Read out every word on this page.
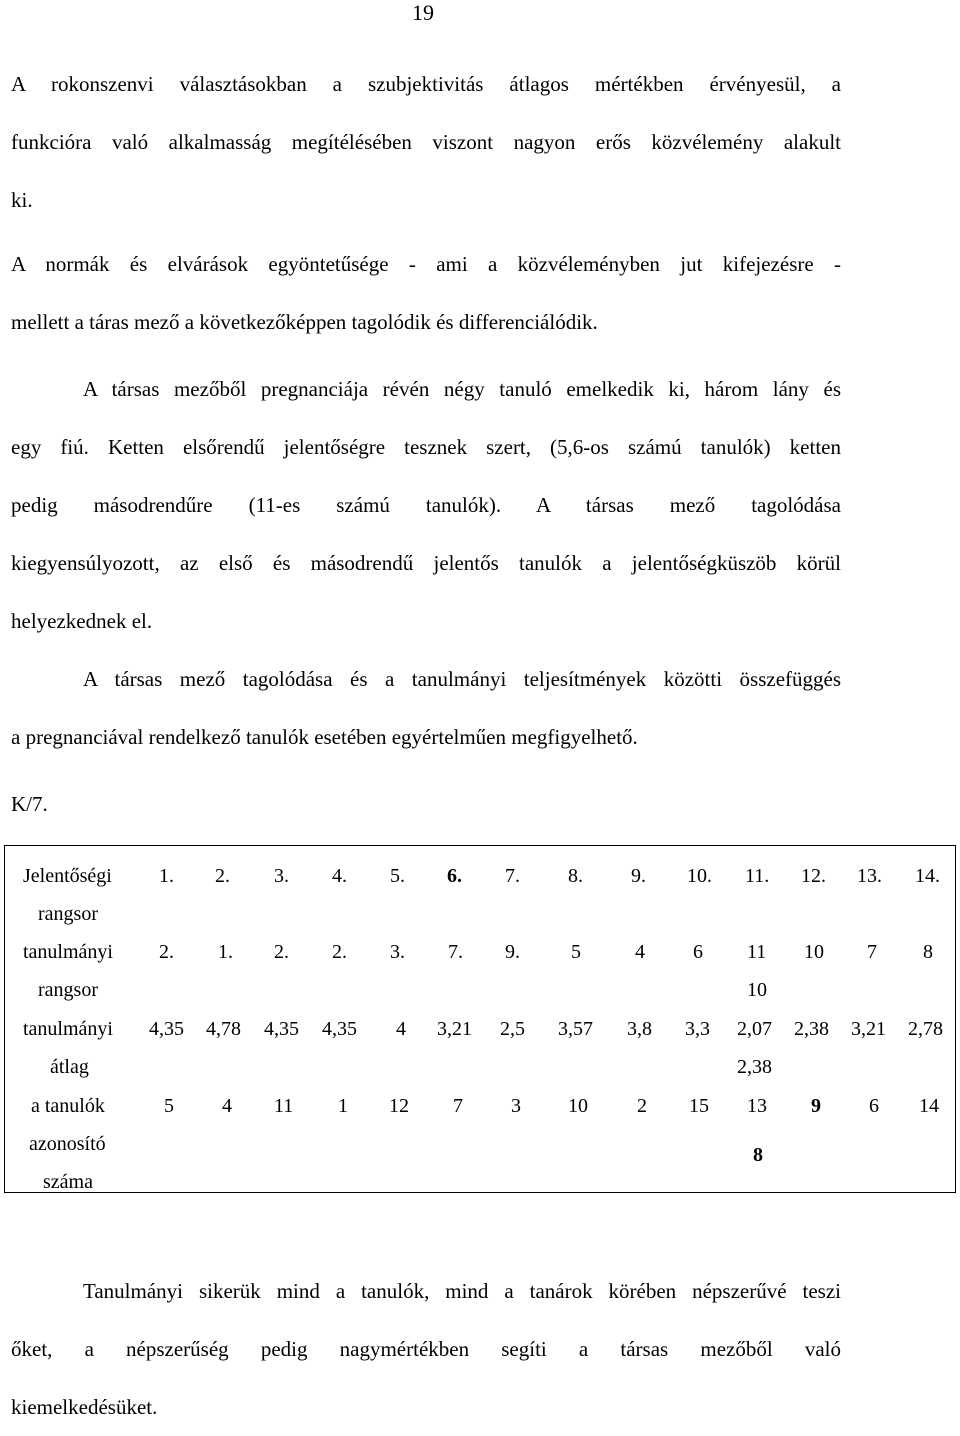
19
A rokonszenvi választásokban a szubjektivitás átlagos mértékben érvényesül, a
funkcióra való alkalmasság megítélésében viszont nagyon erős közvélemény alakult
ki.
A normák és elvárások egyöntetűsége - ami a közvéleményben jut kifejezésre -
mellett a táras mező a következőképpen tagolódik és differenciálódik.
A társas mezőből pregnanciája révén négy tanuló emelkedik ki, három lány és
egy fiú. Ketten elsőrendű jelentőségre tesznek szert, (5,6-os számú tanulók) ketten
pedig másodrendűre (11-es számú tanulók). A társas mező tagolódása
kiegyensúlyozott, az első és másodrendű jelentős tanulók a jelentőségküszöb körül
helyezkednek el.
A társas mező tagolódása és a tanulmányi teljesítmények közötti összefüggés
a pregnanciával rendelkező tanulók esetében egyértelműen megfigyelhető.
K/7.
Jelentőségi
rangsor
tanulmányi
rangsor
tanulmányi
átlag
a tanulók
azonosító
száma
1. 2. 3. 4. 5. 6. 7. 8. 9. 10. 11. 12. 13. 14.
2. 1. 2. 2. 3. 7. 9.	5	4 6 11 10 7 8
10
4,35 4,78 4,35 4,35 4 3,21 2,5 3,57 3,8 3,3 2,07 2,38 3,21 2,78
2,38
5 4 11 1 12 7 3 10 2 15 13 9 6 14
8
Tanulmányi sikerük mind a tanulók, mind a tanárok körében népszerűvé teszi
őket, a népszerűség pedig nagymértékben segíti a társas mezőből való
kiemelkedésüket.
